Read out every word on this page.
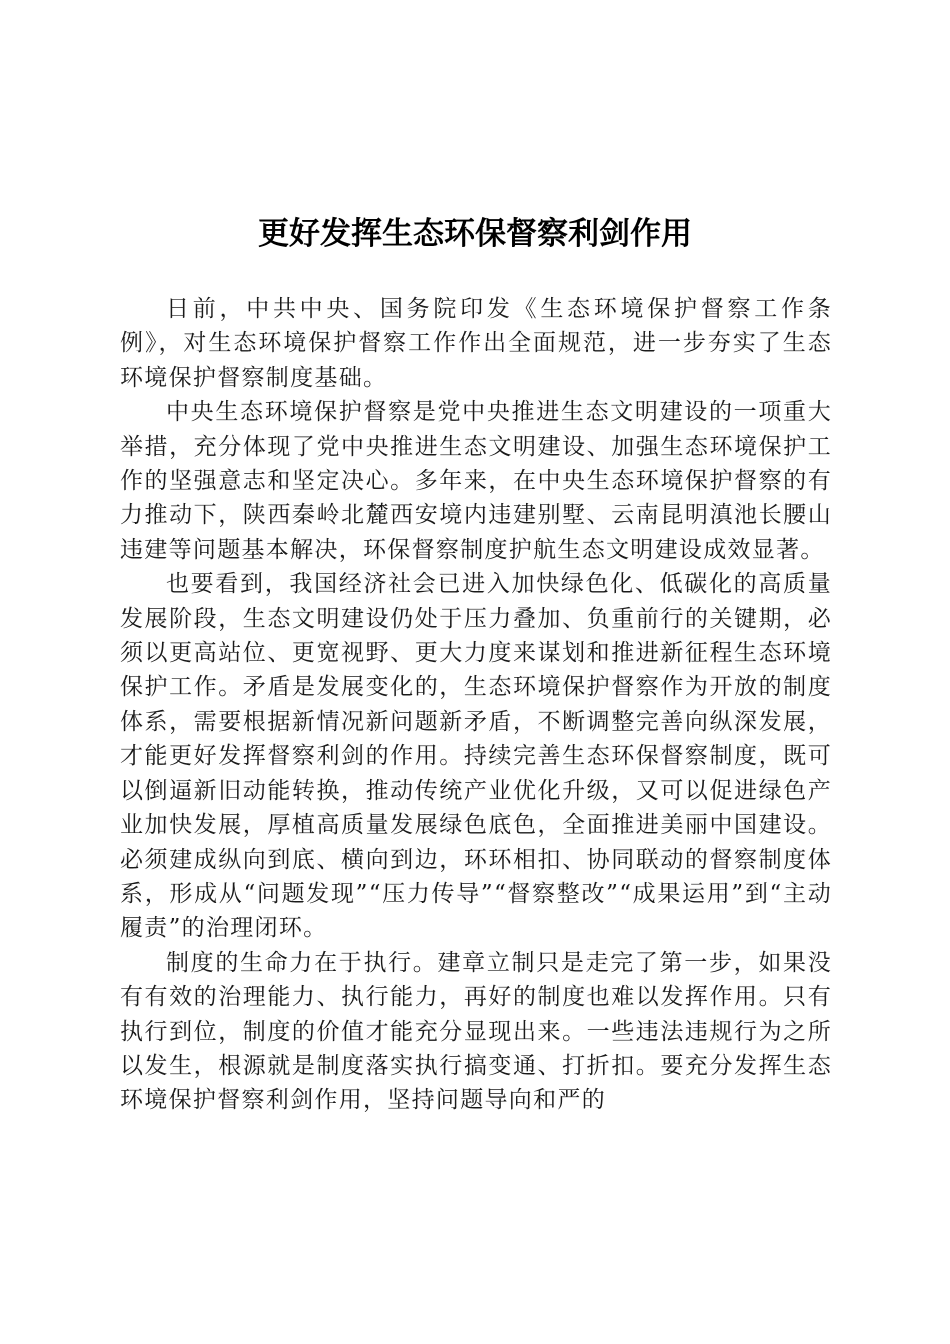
更好发挥生态环保督察利剑作用

日前，中共中央、国务院印发《生态环境保护督察工作条例》，对生态环境保护督察工作作出全面规范，进一步夯实了生态环境保护督察制度基础。

中央生态环境保护督察是党中央推进生态文明建设的一项重大举措，充分体现了党中央推进生态文明建设、加强生态环境保护工作的坚强意志和坚定决心。多年来，在中央生态环境保护督察的有力推动下，陕西秦岭北麓西安境内违建别墅、云南昆明滇池长腰山违建等问题基本解决，环保督察制度护航生态文明建设成效显著。

也要看到，我国经济社会已进入加快绿色化、低碳化的高质量发展阶段，生态文明建设仍处于压力叠加、负重前行的关键期，必须以更高站位、更宽视野、更大力度来谋划和推进新征程生态环境保护工作。矛盾是发展变化的，生态环境保护督察作为开放的制度体系，需要根据新情况新问题新矛盾，不断调整完善向纵深发展，才能更好发挥督察利剑的作用。持续完善生态环保督察制度，既可以倒逼新旧动能转换，推动传统产业优化升级，又可以促进绿色产业加快发展，厚植高质量发展绿色底色，全面推进美丽中国建设。必须建成纵向到底、横向到边，环环相扣、协同联动的督察制度体系，形成从“问题发现”“压力传导”“督察整改”“成果运用”到“主动履责”的治理闭环。

制度的生命力在于执行。建章立制只是走完了第一步，如果没有有效的治理能力、执行能力，再好的制度也难以发挥作用。只有执行到位，制度的价值才能充分显现出来。一些违法违规行为之所以发生，根源就是制度落实执行搞变通、打折扣。要充分发挥生态环境保护督察利剑作用，坚持问题导向和严的
